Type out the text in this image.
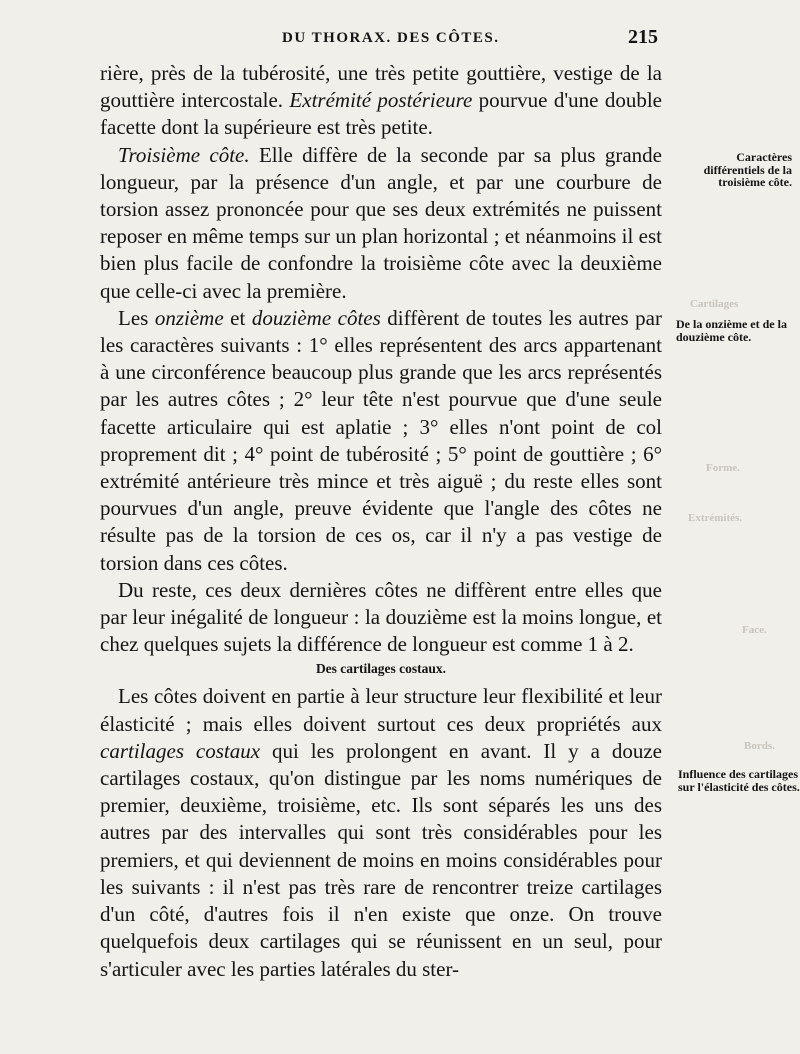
DU THORAX. DES CÔTES.	215

rière, près de la tubérosité, une très petite gouttière, vestige de la gouttière intercostale. Extrémité postérieure pourvue d'une double facette dont la supérieure est très petite.

Troisième côte. Elle diffère de la seconde par sa plus grande longueur, par la présence d'un angle, et par une courbure de torsion assez prononcée pour que ses deux extrémités ne puissent reposer en même temps sur un plan horizontal ; et néanmoins il est bien plus facile de confondre la troisième côte avec la deuxième que celle-ci avec la première.

Les onzième et douzième côtes diffèrent de toutes les autres par les caractères suivants : 1° elles représentent des arcs appartenant à une circonférence beaucoup plus grande que les arcs représentés par les autres côtes ; 2° leur tête n'est pourvue que d'une seule facette articulaire qui est aplatie ; 3° elles n'ont point de col proprement dit ; 4° point de tubérosité ; 5° point de gouttière ; 6° extrémité antérieure très mince et très aiguë ; du reste elles sont pourvues d'un angle, preuve évidente que l'angle des côtes ne résulte pas de la torsion de ces os, car il n'y a pas vestige de torsion dans ces côtes.

Du reste, ces deux dernières côtes ne diffèrent entre elles que par leur inégalité de longueur : la douzième est la moins longue, et chez quelques sujets la différence de longueur est comme 1 à 2.

Des cartilages costaux.

Les côtes doivent en partie à leur structure leur flexibilité et leur élasticité ; mais elles doivent surtout ces deux propriétés aux cartilages costaux qui les prolongent en avant. Il y a douze cartilages costaux, qu'on distingue par les noms numériques de premier, deuxième, troisième, etc. Ils sont séparés les uns des autres par des intervalles qui sont très considérables pour les premiers, et qui deviennent de moins en moins considérables pour les suivants : il n'est pas très rare de rencontrer treize cartilages d'un côté, d'autres fois il n'en existe que onze. On trouve quelquefois deux cartilages qui se réunissent en un seul, pour s'articuler avec les parties latérales du ster-

Caractères différentiels de la troisième côte.
De la onzième et de la douzième côte.
Influence des cartilages sur l'élasticité des côtes.
Cartilages
Forme.
Extrémités.
Face.
Bords.
